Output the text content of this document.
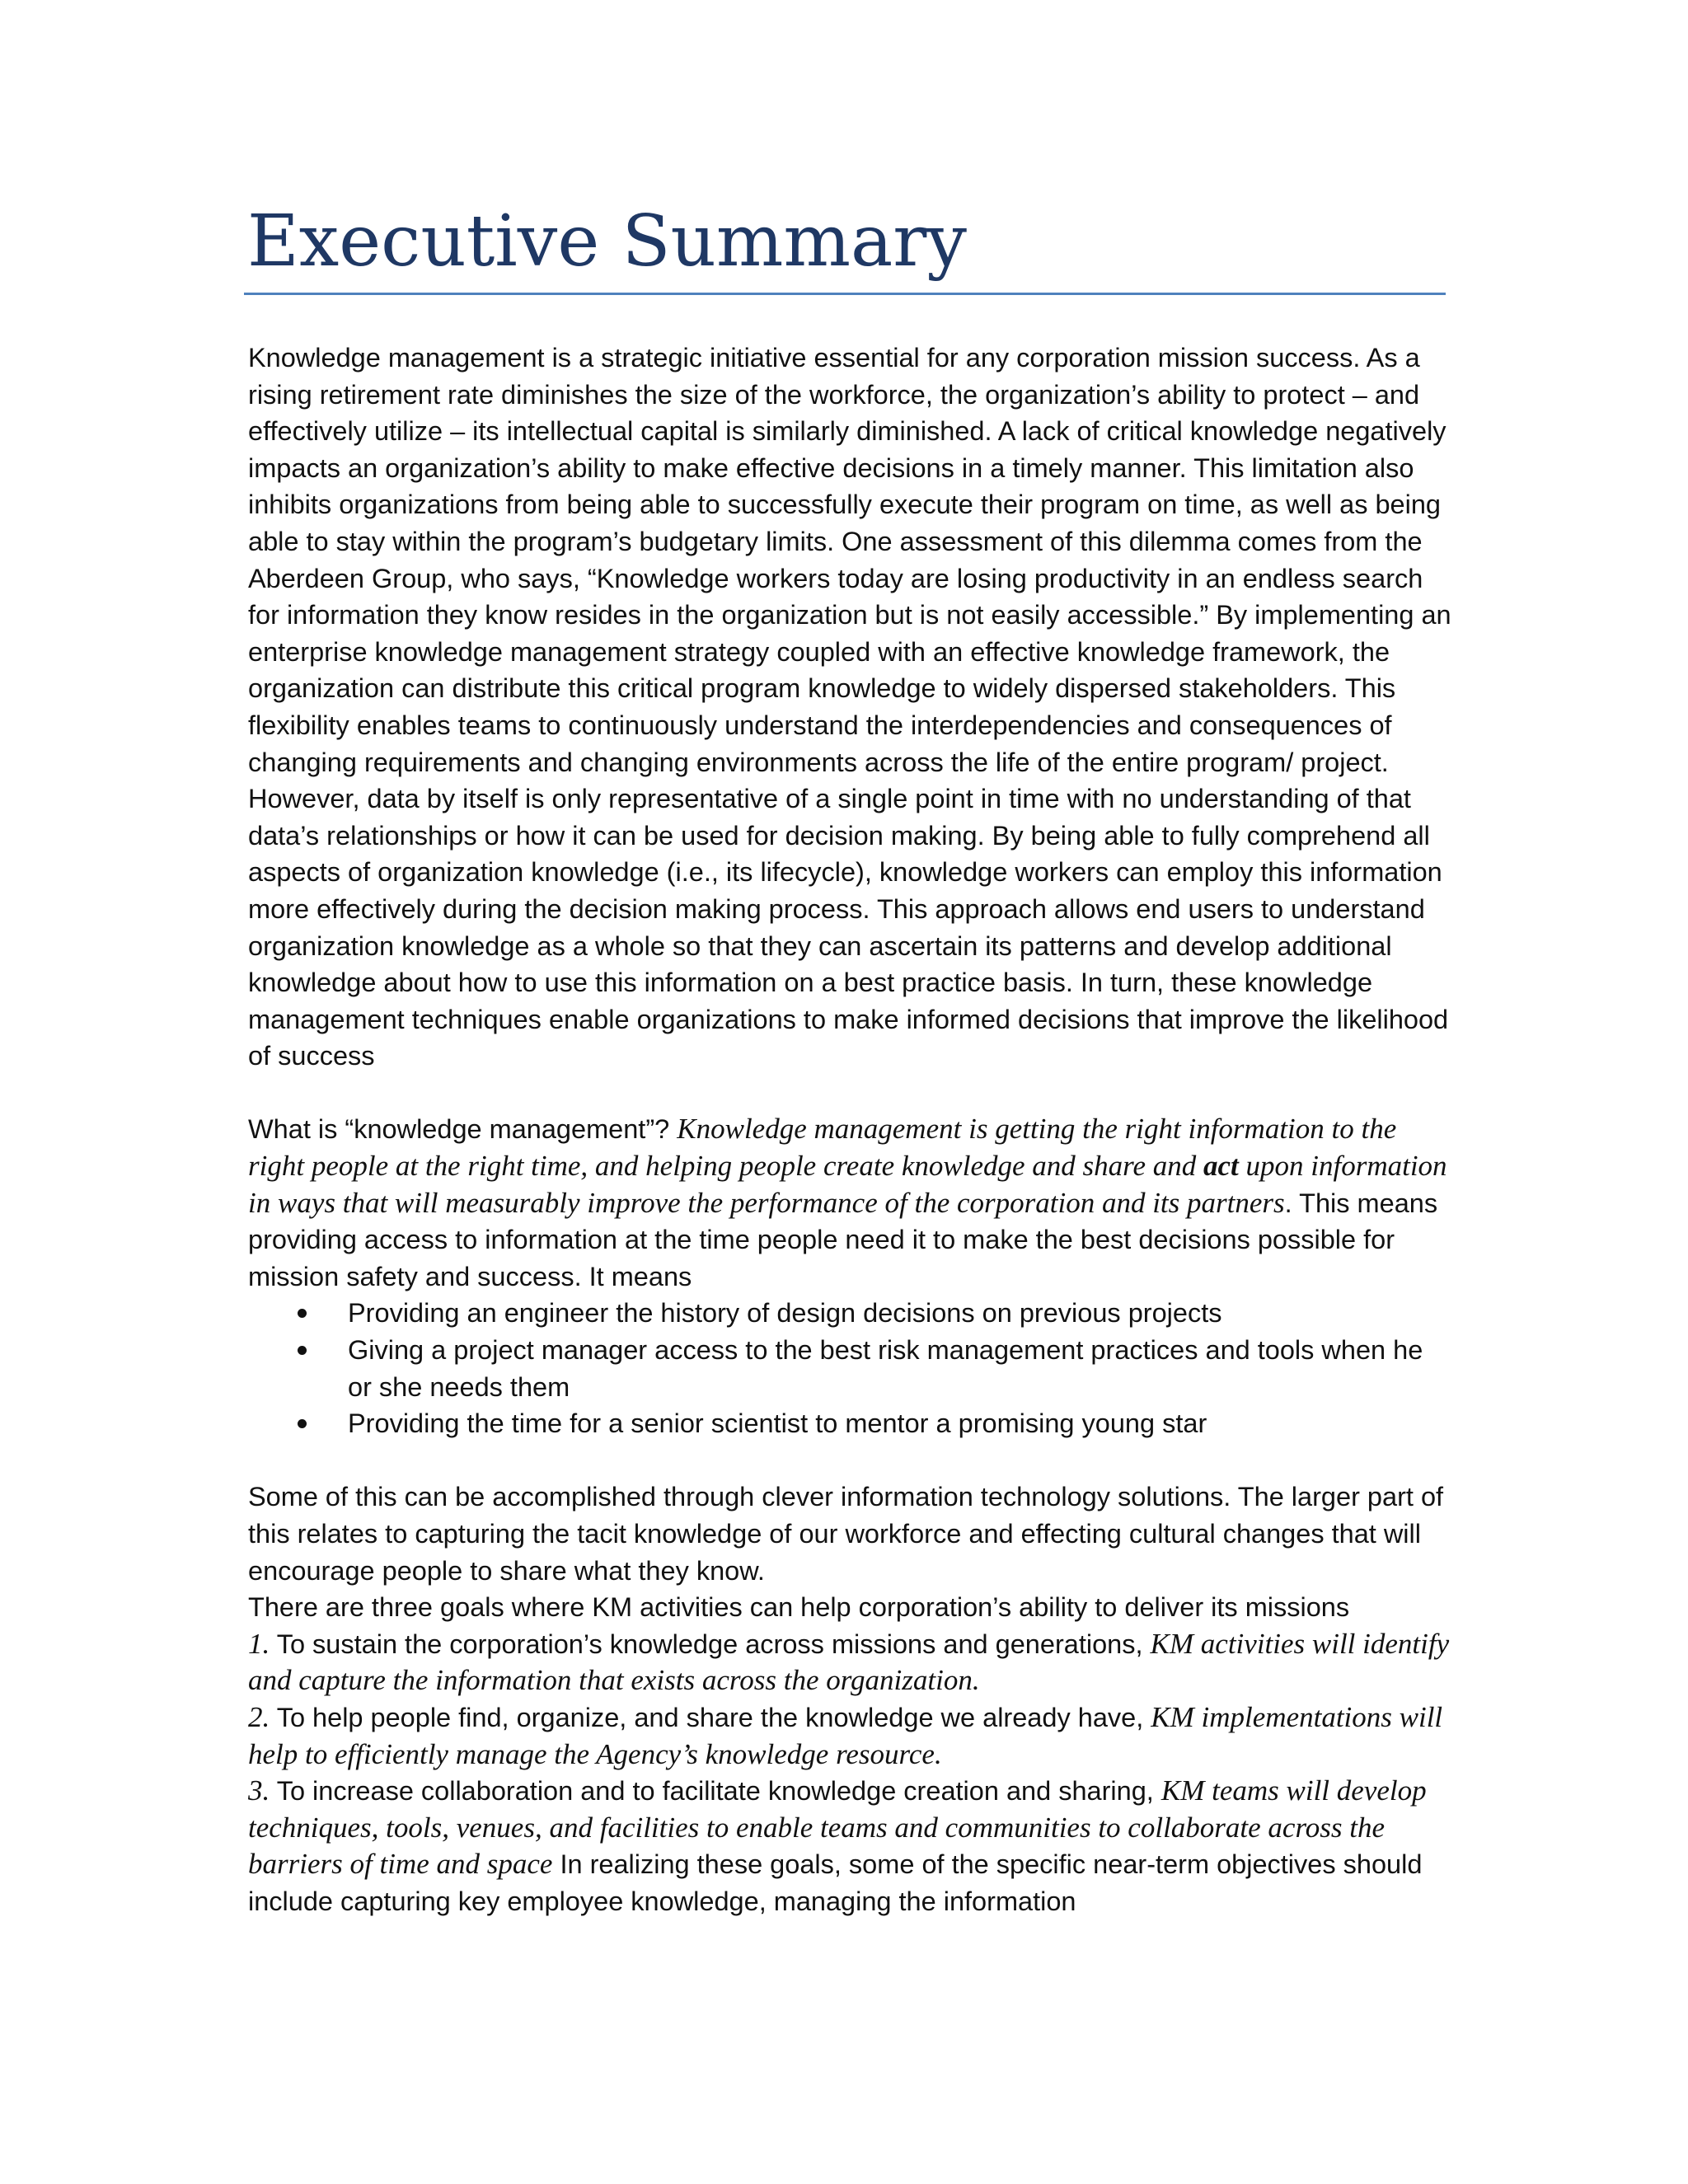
Executive Summary

Knowledge management is a strategic initiative essential for any corporation mission success. As a rising retirement rate diminishes the size of the workforce, the organization’s ability to protect – and effectively utilize – its intellectual capital is similarly diminished. A lack of critical knowledge negatively impacts an organization’s ability to make effective decisions in a timely manner. This limitation also inhibits organizations from being able to successfully execute their program on time, as well as being able to stay within the program’s budgetary limits. One assessment of this dilemma comes from the Aberdeen Group, who says, “Knowledge workers today are losing productivity in an endless search for information they know resides in the organization but is not easily accessible.” By implementing an enterprise knowledge management strategy coupled with an effective knowledge framework, the organization can distribute this critical program knowledge to widely dispersed stakeholders. This flexibility enables teams to continuously understand the interdependencies and consequences of changing requirements and changing environments across the life of the entire program/ project. However, data by itself is only representative of a single point in time with no understanding of that data’s relationships or how it can be used for decision making. By being able to fully comprehend all aspects of organization knowledge (i.e., its lifecycle), knowledge workers can employ this information more effectively during the decision making process. This approach allows end users to understand organization knowledge as a whole so that they can ascertain its patterns and develop additional knowledge about how to use this information on a best practice basis. In turn, these knowledge management techniques enable organizations to make informed decisions that improve the likelihood of success

What is “knowledge management”? Knowledge management is getting the right information to the right people at the right time, and helping people create knowledge and share and act upon information in ways that will measurably improve the performance of the corporation and its partners. This means providing access to information at the time people need it to make the best decisions possible for mission safety and success. It means

Providing an engineer the history of design decisions on previous projects
Giving a project manager access to the best risk management practices and tools when he or she needs them
Providing the time for a senior scientist to mentor a promising young star

Some of this can be accomplished through clever information technology solutions. The larger part of this relates to capturing the tacit knowledge of our workforce and effecting cultural changes that will encourage people to share what they know.

There are three goals where KM activities can help corporation’s ability to deliver its missions

1. To sustain the corporation’s knowledge across missions and generations, KM activities will identify and capture the information that exists across the organization.

2. To help people find, organize, and share the knowledge we already have, KM implementations will help to efficiently manage the Agency’s knowledge resource.

3. To increase collaboration and to facilitate knowledge creation and sharing, KM teams will develop techniques, tools, venues, and facilities to enable teams and communities to collaborate across the barriers of time and space In realizing these goals, some of the specific near-term objectives should include capturing key employee knowledge, managing the information
